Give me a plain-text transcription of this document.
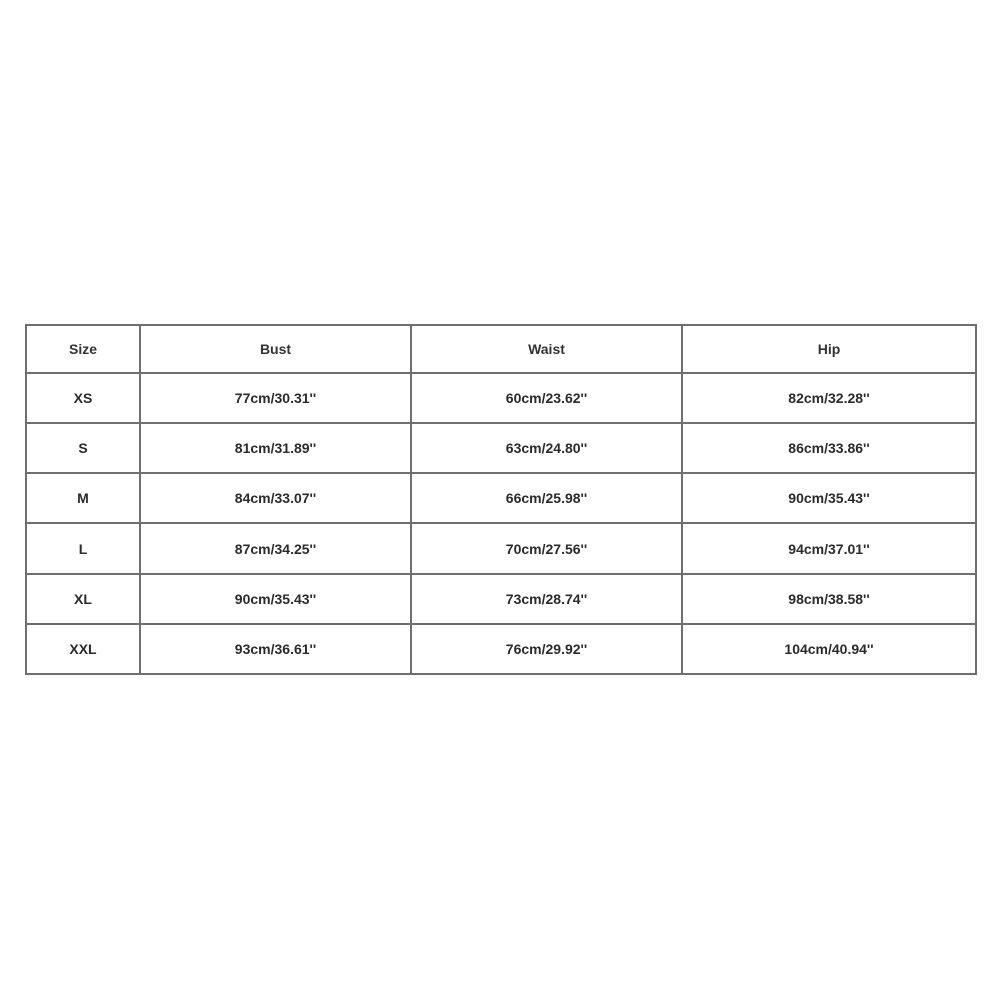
Size	Bust	Waist	Hip
XS	77cm/30.31''	60cm/23.62''	82cm/32.28''
S	81cm/31.89''	63cm/24.80''	86cm/33.86''
M	84cm/33.07''	66cm/25.98''	90cm/35.43''
L	87cm/34.25''	70cm/27.56''	94cm/37.01''
XL	90cm/35.43''	73cm/28.74''	98cm/38.58''
XXL	93cm/36.61''	76cm/29.92''	104cm/40.94''
